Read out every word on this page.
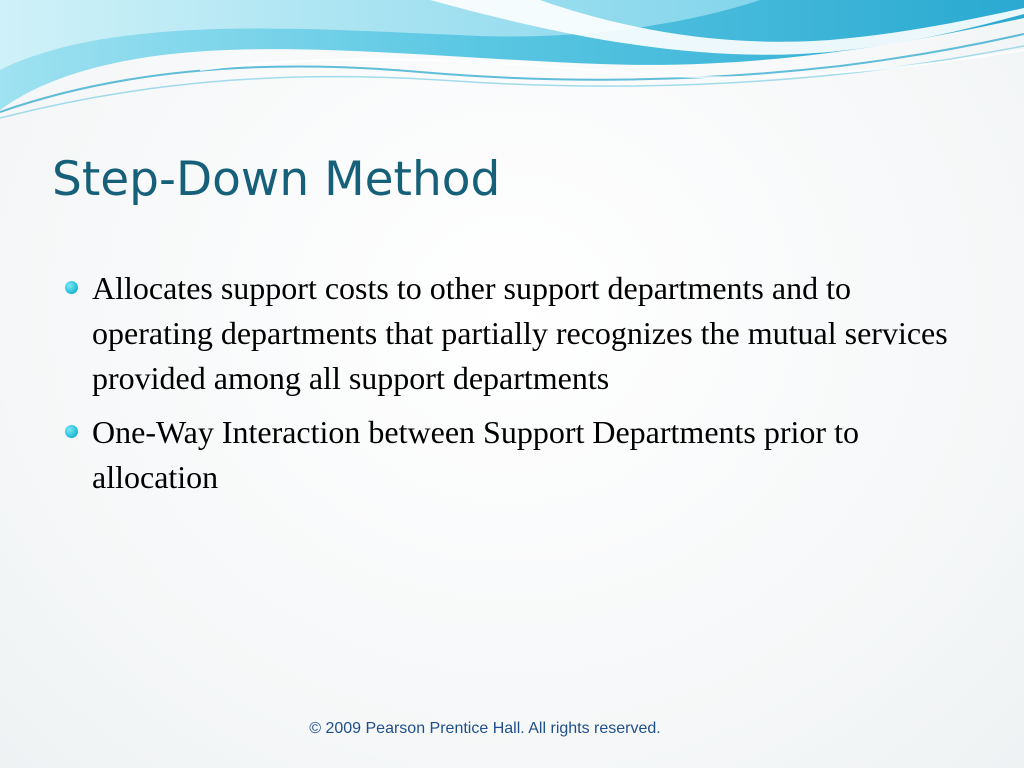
Step-Down Method
Allocates support costs to other support departments and to operating departments that partially recognizes the mutual services provided among all support departments
One-Way Interaction between Support Departments prior to allocation
© 2009 Pearson Prentice Hall. All rights reserved.
